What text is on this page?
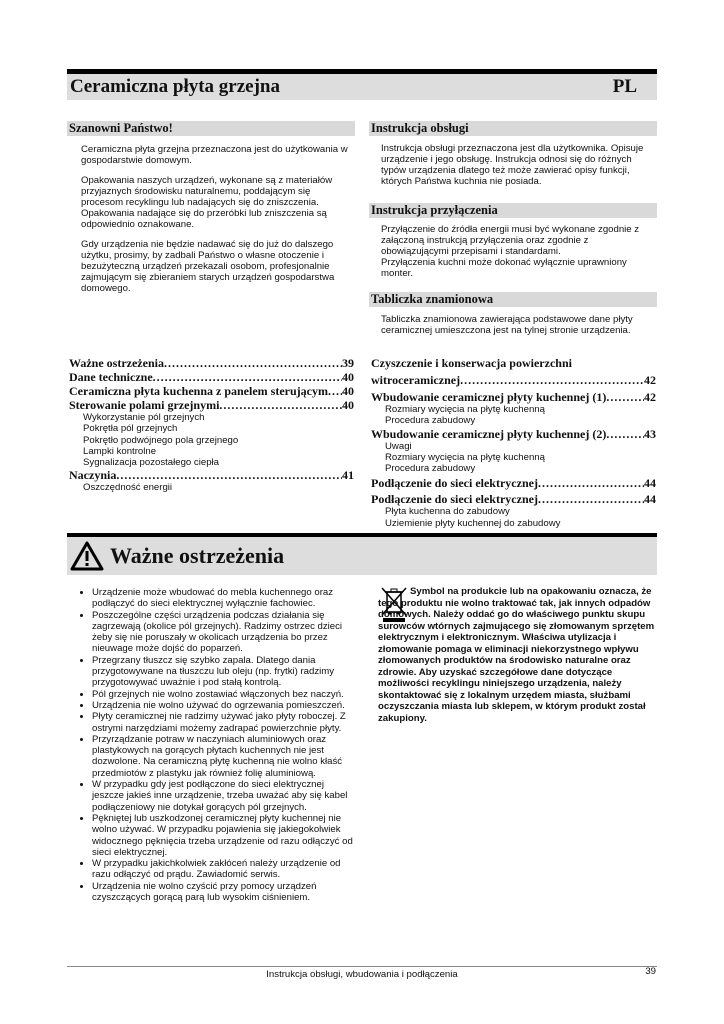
Ceramiczna płyta grzejna	PL
Szanowni Państwo!

Ceramiczna płyta grzejna przeznaczona jest do użytkowania w gospodarstwie domowym.

Opakowania naszych urządzeń, wykonane są z materiałów przyjaznych środowisku naturalnemu, poddającym się procesom recyklingu lub nadających się do zniszczenia. Opakowania nadające się do przeróbki lub zniszczenia są odpowiednio oznakowane.

Gdy urządzenia nie będzie nadawać się do już do dalszego użytku, prosimy, by zadbali Państwo o własne otoczenie i bezużyteczną urządzeń przekazali osobom, profesjonalnie zajmującym się zbieraniem starych urządzeń gospodarstwa domowego.

Instrukcja obsługi
Instrukcja obsługi przeznaczona jest dla użytkownika. Opisuje urządzenie i jego obsługę. Instrukcja odnosi się do różnych typów urządzenia dlatego też może zawierać opisy funkcji, których Państwa kuchnia nie posiada.
Instrukcja przyłączenia
Przyłączenie do źródła energii musi być wykonane zgodnie z załączoną instrukcją przyłączenia oraz zgodnie z obowiązującymi przepisami i standardami.
Przyłączenia kuchni może dokonać wyłącznie uprawniony monter.
Tabliczka znamionowa
Tabliczka znamionowa zawierająca podstawowe dane płyty ceramicznej umieszczona jest na tylnej stronie urządzenia.
Ważne ostrzeżenia .....	39
Dane techniczne .....	40
Ceramiczna płyta kuchenna z panelem sterującym ..... 40
Sterowanie polami grzejnymi .....	40
Wykorzystanie pól grzejnych
Pokrętła pól grzejnych
Pokrętło podwójnego pola grzejnego
Lampki kontrolne
Sygnalizacja pozostałego ciepła
Naczynia .....	41
Oszczędność energii
Czyszczenie i konserwacja powierzchni
witroceramicznej .....	42
Wbudowanie ceramicznej płyty kuchennej (1) .....	42
Rozmiary wycięcia na płytę kuchenną
Procedura zabudowy
Wbudowanie ceramicznej płyty kuchennej (2) .....	43
Uwagi
Rozmiary wycięcia na płytę kuchenną
Procedura zabudowy
Podłączenie do sieci elektrycznej .....	44
Podłączenie do sieci elektrycznej .....	44
Płyta kuchenna do zabudowy
Uziemienie płyty kuchennej do zabudowy
Ważne ostrzeżenia
• Urządzenie może wbudować do mebla kuchennego oraz podłączyć do sieci elektrycznej wyłącznie fachowiec.
• Poszczególne części urządzenia podczas działania się zagrzewają (okolice pól grzejnych). Radzimy ostrzec dzieci żeby się nie poruszały w okolicach urządzenia bo przez nieuwage może dojść do poparzeń.
• Przegrzany tłuszcz się szybko zapala. Dlatego dania przygotowywane na tłuszczu lub oleju (np. frytki) radzimy przygotowywać uważnie i pod stałą kontrolą.
• Pól grzejnych nie wolno zostawiać włączonych bez naczyń.
• Urządzenia nie wolno używać do ogrzewania pomieszczeń.
• Płyty ceramicznej nie radzimy używać jako płyty roboczej. Z ostrymi narzędziami możemy zadrapać powierzchnie płyty.
• Przyrządzanie potraw w naczyniach aluminiowych oraz plastykowych na gorących płytach kuchennych nie jest dozwolone. Na ceramiczną płytę kuchenną nie wolno kłaść przedmiotów z plastyku jak również folię aluminiową.
• W przypadku gdy jest podłączone do sieci elektrycznej jeszcze jakieś inne urządzenie, trzeba uważać aby się kabel podłączeniowy nie dotykał gorących pól grzejnych.
• Pękniętej lub uszkodzonej ceramicznej płyty kuchennej nie wolno używać. W przypadku pojawienia się jakiegokolwiek widocznego pęknięcia trzeba urządzenie od razu odłączyć od sieci elektrycznej.
• W przypadku jakichkolwiek zakłóceń należy urządzenie od razu odłączyć od prądu. Zawiadomić serwis.
• Urządzenia nie wolno czyścić przy pomocy urządzeń czyszczących gorącą parą lub wysokim ciśnieniem.
Symbol na produkcie lub na opakowaniu oznacza, że tego produktu nie wolno traktować tak, jak innych odpadów domowych. Należy oddać go do właściwego punktu skupu surowców wtórnych zajmującego się złomowanym sprzętem elektrycznym i elektronicznym. Właściwa utylizacja i złomowanie pomaga w eliminacji niekorzystnego wpływu złomowanych produktów na środowisko naturalne oraz zdrowie. Aby uzyskać szczegółowe dane dotyczące możliwości recyklingu niniejszego urządzenia, należy skontaktować się z lokalnym urzędem miasta, służbami oczyszczania miasta lub sklepem, w którym produkt został zakupiony.
Instrukcja obsługi, wbudowania i podłączenia	39
